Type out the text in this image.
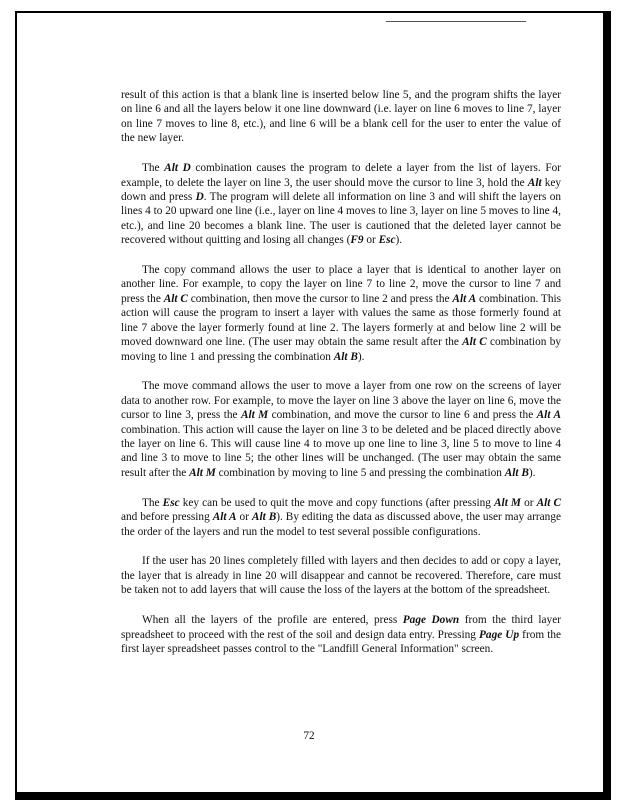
result of this action is that a blank line is inserted below line 5, and the program shifts the layer on line 6 and all the layers below it one line downward (i.e. layer on line 6 moves to line 7, layer on line 7 moves to line 8, etc.), and line 6 will be a blank cell for the user to enter the value of the new layer.

The Alt D combination causes the program to delete a layer from the list of layers. For example, to delete the layer on line 3, the user should move the cursor to line 3, hold the Alt key down and press D. The program will delete all information on line 3 and will shift the layers on lines 4 to 20 upward one line (i.e., layer on line 4 moves to line 3, layer on line 5 moves to line 4, etc.), and line 20 becomes a blank line. The user is cautioned that the deleted layer cannot be recovered without quitting and losing all changes (F9 or Esc).

The copy command allows the user to place a layer that is identical to another layer on another line. For example, to copy the layer on line 7 to line 2, move the cursor to line 7 and press the Alt C combination, then move the cursor to line 2 and press the Alt A combination. This action will cause the program to insert a layer with values the same as those formerly found at line 7 above the layer formerly found at line 2. The layers formerly at and below line 2 will be moved downward one line. (The user may obtain the same result after the Alt C combination by moving to line 1 and pressing the combination Alt B).

The move command allows the user to move a layer from one row on the screens of layer data to another row. For example, to move the layer on line 3 above the layer on line 6, move the cursor to line 3, press the Alt M combination, and move the cursor to line 6 and press the Alt A combination. This action will cause the layer on line 3 to be deleted and be placed directly above the layer on line 6. This will cause line 4 to move up one line to line 3, line 5 to move to line 4 and line 3 to move to line 5; the other lines will be unchanged. (The user may obtain the same result after the Alt M combination by moving to line 5 and pressing the combination Alt B).

The Esc key can be used to quit the move and copy functions (after pressing Alt M or Alt C and before pressing Alt A or Alt B). By editing the data as discussed above, the user may arrange the order of the layers and run the model to test several possible configurations.

If the user has 20 lines completely filled with layers and then decides to add or copy a layer, the layer that is already in line 20 will disappear and cannot be recovered. Therefore, care must be taken not to add layers that will cause the loss of the layers at the bottom of the spreadsheet.

When all the layers of the profile are entered, press Page Down from the third layer spreadsheet to proceed with the rest of the soil and design data entry. Pressing Page Up from the first layer spreadsheet passes control to the "Landfill General Information" screen.

72
